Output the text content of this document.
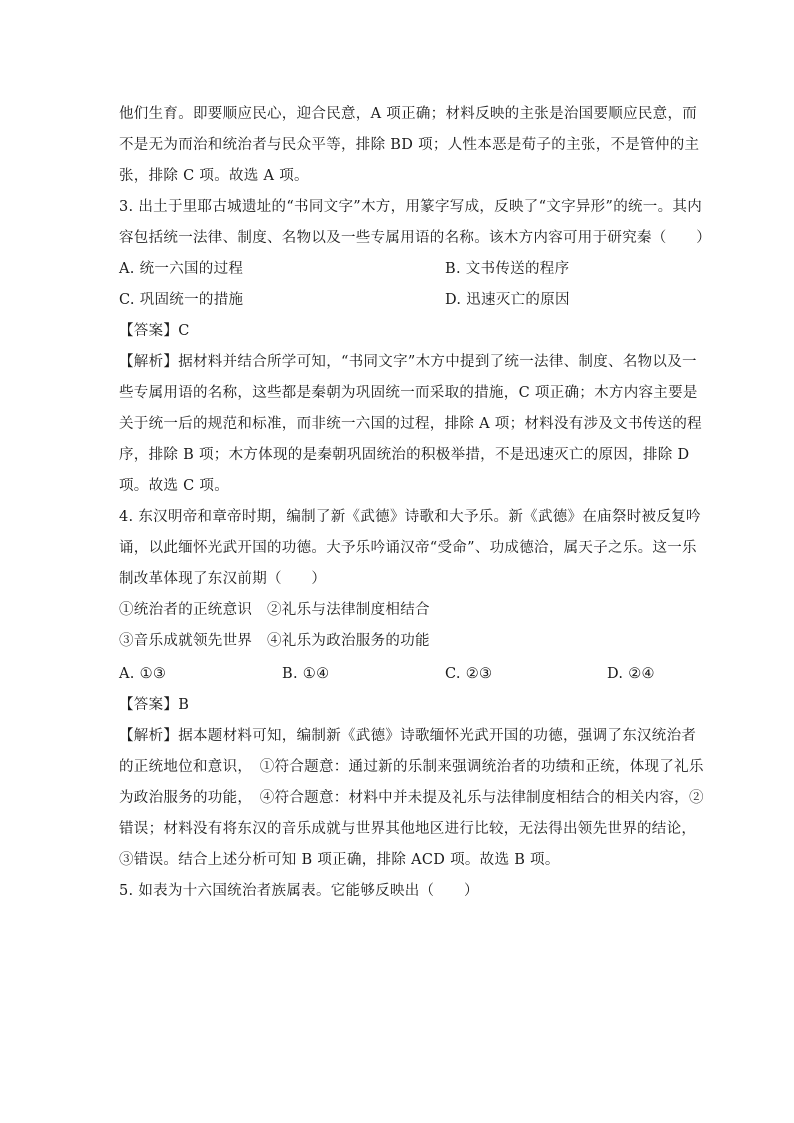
他们生育。即要顺应民心，迎合民意，A 项正确；材料反映的主张是治国要顺应民意，而
不是无为而治和统治者与民众平等，排除 BD 项；人性本恶是荀子的主张，不是管仲的主
张，排除 C 项。故选 A 项。
3. 出土于里耶古城遗址的“书同文字”木方，用篆字写成，反映了“文字异形”的统一。其内
容包括统一法律、制度、名物以及一些专属用语的名称。该木方内容可用于研究秦（　　）
A. 统一六国的过程	B. 文书传送的程序
C. 巩固统一的措施	D. 迅速灭亡的原因
【答案】C
【解析】据材料并结合所学可知，“书同文字”木方中提到了统一法律、制度、名物以及一
些专属用语的名称，这些都是秦朝为巩固统一而采取的措施，C 项正确；木方内容主要是
关于统一后的规范和标准，而非统一六国的过程，排除 A 项；材料没有涉及文书传送的程
序，排除 B 项；木方体现的是秦朝巩固统治的积极举措，不是迅速灭亡的原因，排除 D
项。故选 C 项。
4. 东汉明帝和章帝时期，编制了新《武德》诗歌和大予乐。新《武德》在庙祭时被反复吟
诵，以此缅怀光武开国的功德。大予乐吟诵汉帝“受命”、功成德洽，属天子之乐。这一乐
制改革体现了东汉前期（　　）
①统治者的正统意识　②礼乐与法律制度相结合
③音乐成就领先世界　④礼乐为政治服务的功能
A. ①③	B. ①④	C. ②③	D. ②④
【答案】B
【解析】据本题材料可知，编制新《武德》诗歌缅怀光武开国的功德，强调了东汉统治者
的正统地位和意识，　①符合题意：通过新的乐制来强调统治者的功绩和正统，体现了礼乐
为政治服务的功能，　④符合题意：材料中并未提及礼乐与法律制度相结合的相关内容，②
错误；材料没有将东汉的音乐成就与世界其他地区进行比较，无法得出领先世界的结论，
③错误。结合上述分析可知 B 项正确，排除 ACD 项。故选 B 项。
5. 如表为十六国统治者族属表。它能够反映出（　　）
